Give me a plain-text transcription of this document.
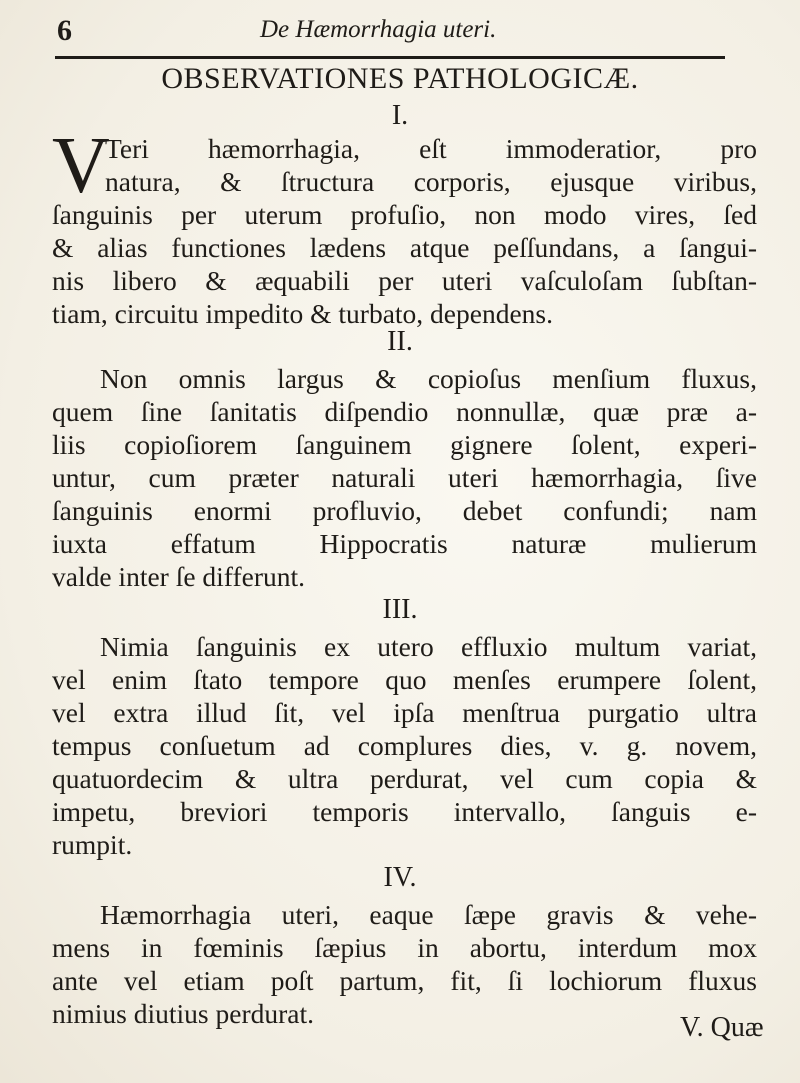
6	De Hæmorrhagia uteri.
OBSERVATIONES PATHOLOGICÆ.
I.
V
Teri hæmorrhagia, eſt immoderatior, pro
natura, & ſtructura corporis, ejusque viribus,
ſanguinis per uterum profuſio, non modo vires, ſed
& alias functiones lædens atque peſſundans, a ſangui-
nis libero & æquabili per uteri vaſculoſam ſubſtan-
tiam, circuitu impedito & turbato, dependens.
II.
Non omnis largus & copioſus menſium fluxus,
quem ſine ſanitatis diſpendio nonnullæ, quæ præ a-
liis copioſiorem ſanguinem gignere ſolent, experi-
untur, cum præter naturali uteri hæmorrhagia, ſive
ſanguinis enormi profluvio, debet confundi; nam
iuxta effatum Hippocratis naturæ mulierum
valde inter ſe differunt.
III.
Nimia ſanguinis ex utero effluxio multum variat,
vel enim ſtato tempore quo menſes erumpere ſolent,
vel extra illud ſit, vel ipſa menſtrua purgatio ultra
tempus conſuetum ad complures dies, v. g. novem,
quatuordecim & ultra perdurat, vel cum copia &
impetu, breviori temporis intervallo, ſanguis e-
rumpit.
IV.
Hæmorrhagia uteri, eaque ſæpe gravis & vehe-
mens in fœminis ſæpius in abortu, interdum mox
ante vel etiam poſt partum, fit, ſi lochiorum fluxus
nimius diutius perdurat.	V. Quæ
